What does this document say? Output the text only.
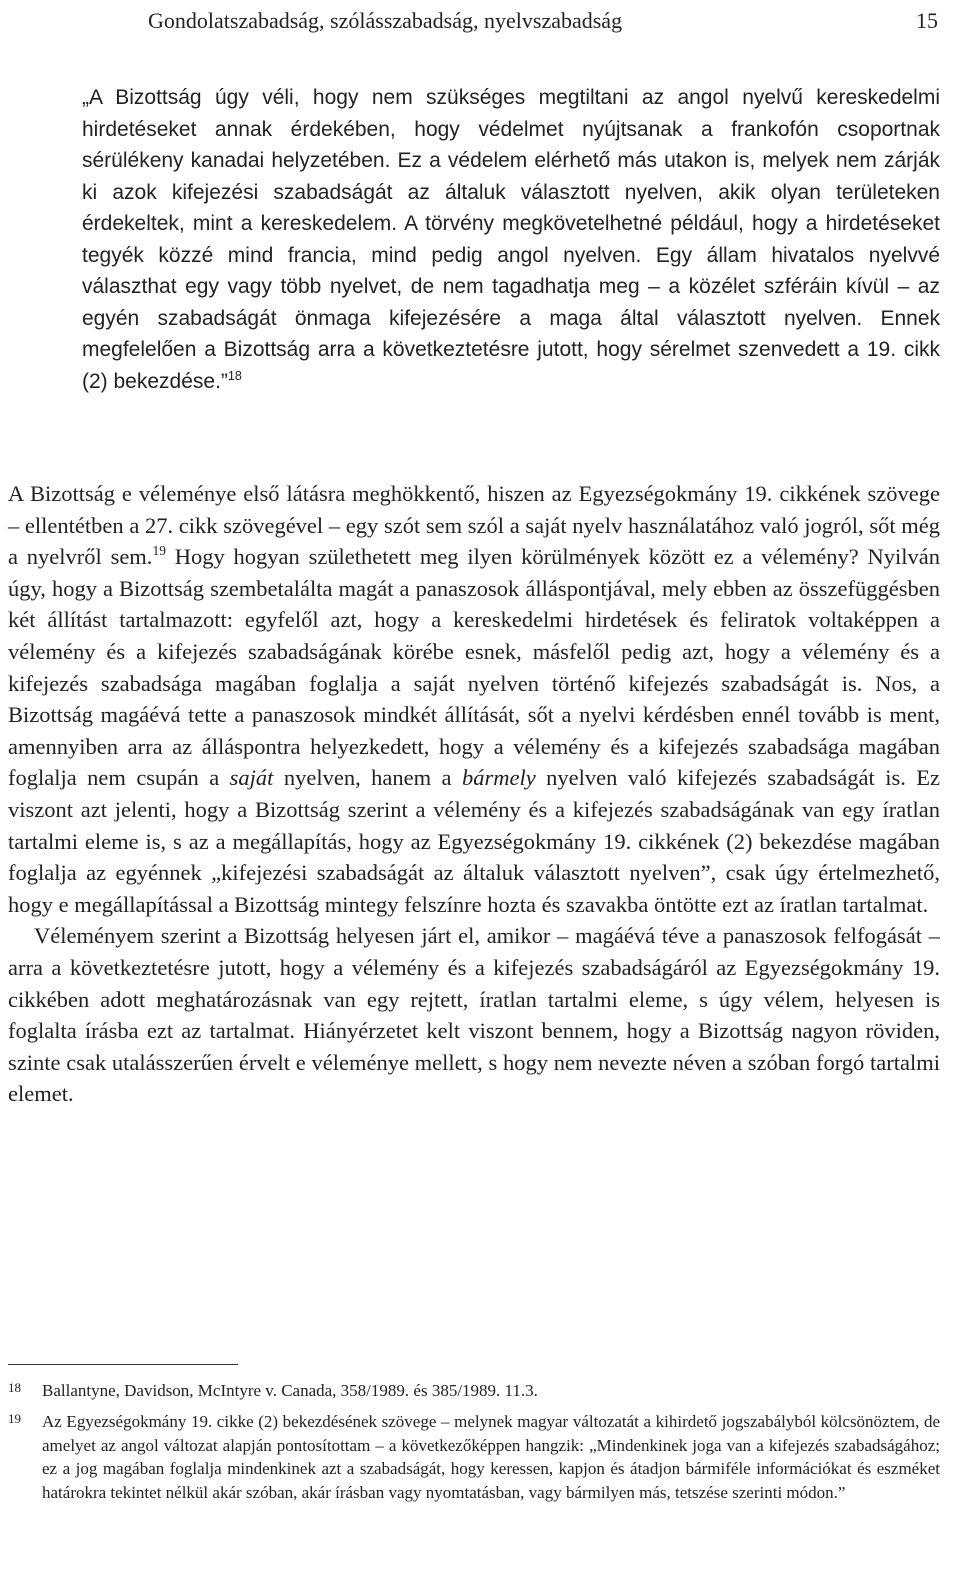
Gondolatszabadság, szólásszabadság, nyelvszabadság	15
„A Bizottság úgy véli, hogy nem szükséges megtiltani az angol nyelvű kereskedelmi hirdetéseket annak érdekében, hogy védelmet nyújtsanak a frankofón csoportnak sérülékeny kanadai helyzetében. Ez a védelem elérhető más utakon is, melyek nem zárják ki azok kifejezési szabadságát az általuk választott nyelven, akik olyan területeken érdekeltek, mint a kereskedelem. A törvény megkövetelhetné például, hogy a hirdetéseket tegyék közzé mind francia, mind pedig angol nyelven. Egy állam hivatalos nyelvvé választhat egy vagy több nyelvet, de nem tagadhatja meg – a közélet szféráin kívül – az egyén szabadságát önmaga kifejezésére a maga által választott nyelven. Ennek megfelelően a Bizottság arra a következtetésre jutott, hogy sérelmet szenvedett a 19. cikk (2) bekezdése.”$^{18}$

A Bizottság e véleménye első látásra meghökkentő, hiszen az Egyezségokmány 19. cikkének szövege – ellentétben a 27. cikk szövegével – egy szót sem szól a saját nyelv használatához való jogról, sőt még a nyelvről sem.$^{19}$ Hogy hogyan születhetett meg ilyen körülmények között ez a vélemény? Nyilván úgy, hogy a Bizottság szembetalálta magát a panaszosok álláspontjával, mely ebben az összefüggésben két állítást tartalmazott: egyfelől azt, hogy a kereskedelmi hirdetések és feliratok voltaképpen a vélemény és a kifejezés szabadságának körébe esnek, másfelől pedig azt, hogy a vélemény és a kifejezés szabadsága magában foglalja a saját nyelven történő kifejezés szabadságát is. Nos, a Bizottság magáévá tette a panaszosok mindkét állítását, sőt a nyelvi kérdésben ennél tovább is ment, amennyiben arra az álláspontra helyezkedett, hogy a vélemény és a kifejezés szabadsága magában foglalja nem csupán a saját nyelven, hanem a bármely nyelven való kifejezés szabadságát is. Ez viszont azt jelenti, hogy a Bizottság szerint a vélemény és a kifejezés szabadságának van egy íratlan tartalmi eleme is, s az a megállapítás, hogy az Egyezségokmány 19. cikkének (2) bekezdése magában foglalja az egyénnek „kifejezési szabadságát az általuk választott nyelven”, csak úgy értelmezhető, hogy e megállapítással a Bizottság mintegy felszínre hozta és szavakba öntötte ezt az íratlan tartalmat.

Véleményem szerint a Bizottság helyesen járt el, amikor – magáévá téve a panaszosok felfogását – arra a következtetésre jutott, hogy a vélemény és a kifejezés szabadságáról az Egyezségokmány 19. cikkében adott meghatározásnak van egy rejtett, íratlan tartalmi eleme, s úgy vélem, helyesen is foglalta írásba ezt az tartalmat. Hiányérzetet kelt viszont bennem, hogy a Bizottság nagyon röviden, szinte csak utalásszerűen érvelt e véleménye mellett, s hogy nem nevezte néven a szóban forgó tartalmi elemet.

18 Ballantyne, Davidson, McIntyre v. Canada, 358/1989. és 385/1989. 11.3.
19 Az Egyezségokmány 19. cikke (2) bekezdésének szövege – melynek magyar változatát a kihirdető jogszabályból kölcsönöztem, de amelyet az angol változat alapján pontosítottam – a következőképpen hangzik: „Mindenkinek joga van a kifejezés szabadságához; ez a jog magában foglalja mindenkinek azt a szabadságát, hogy keressen, kapjon és átadjon bármiféle információkat és eszméket határokra tekintet nélkül akár szóban, akár írásban vagy nyomtatásban, vagy bármilyen más, tetszése szerinti módon.”
